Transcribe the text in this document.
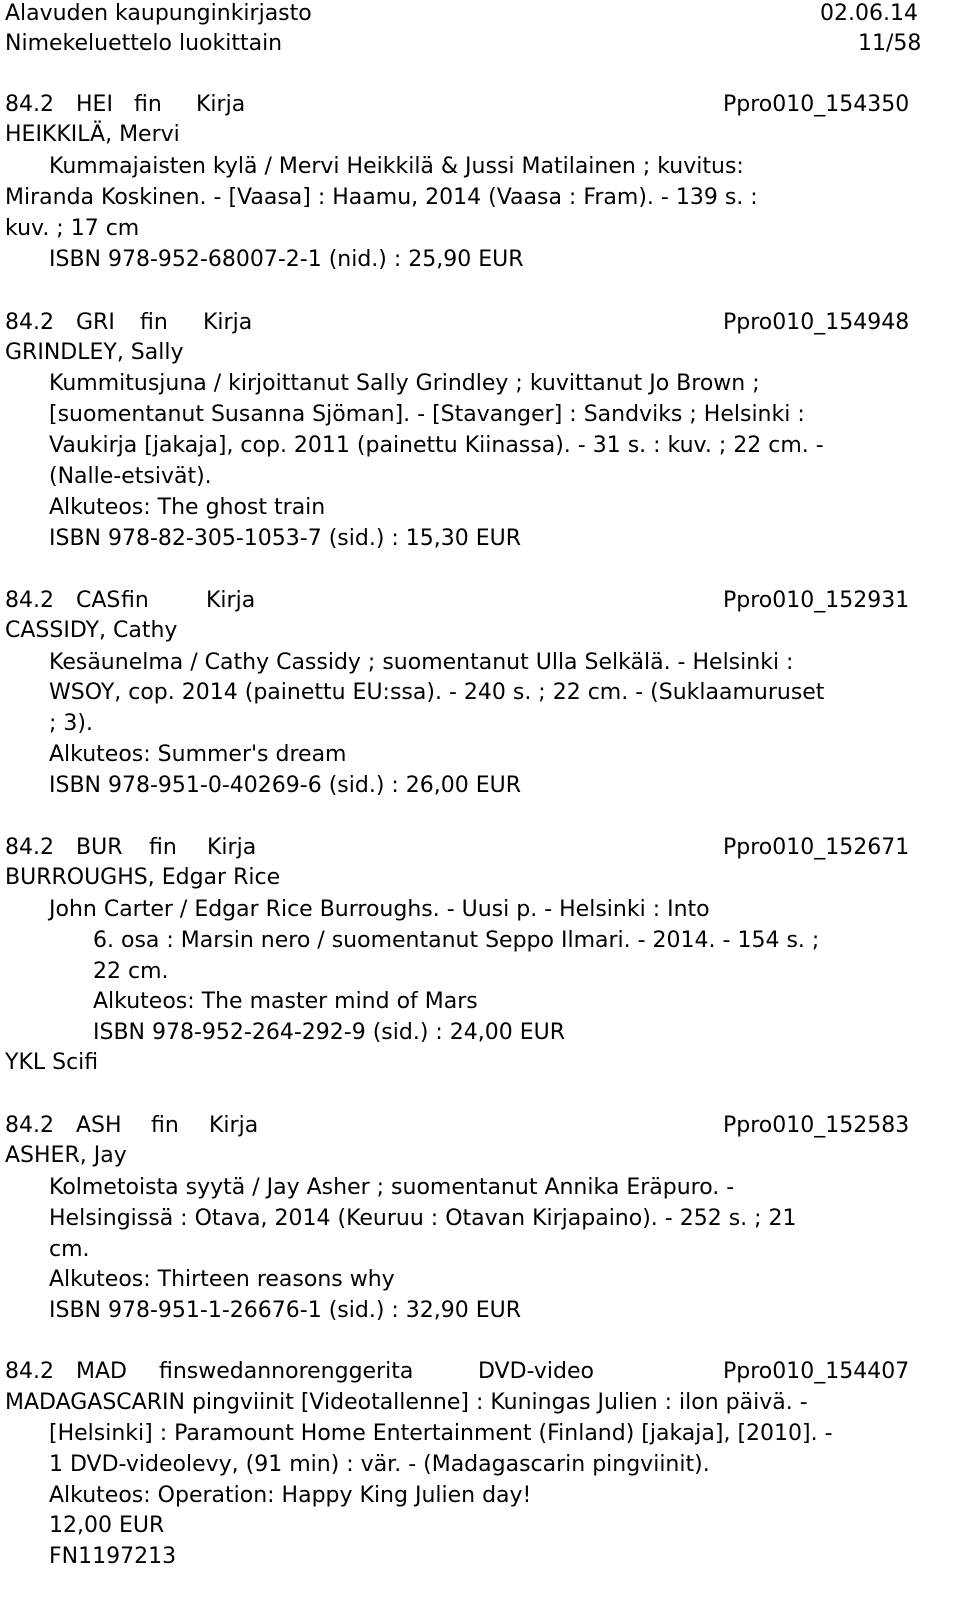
Alavuden kaupunginkirjasto	02.06.14
Nimekeluettelo luokittain	11/58
84.2 HEI fin Kirja	Ppro010_154350
HEIKKILÄ, Mervi
Kummajaisten kylä / Mervi Heikkilä & Jussi Matilainen ; kuvitus:
Miranda Koskinen. - [Vaasa] : Haamu, 2014 (Vaasa : Fram). - 139 s. :
kuv. ; 17 cm
ISBN 978-952-68007-2-1 (nid.) : 25,90 EUR
84.2 GRI fin Kirja	Ppro010_154948
GRINDLEY, Sally
Kummitusjuna / kirjoittanut Sally Grindley ; kuvittanut Jo Brown ;
[suomentanut Susanna Sjöman]. - [Stavanger] : Sandviks ; Helsinki :
Vaukirja [jakaja], cop. 2011 (painettu Kiinassa). - 31 s. : kuv. ; 22 cm. -
(Nalle-etsivät).
Alkuteos: The ghost train
ISBN 978-82-305-1053-7 (sid.) : 15,30 EUR
84.2 CAS fin	Kirja	Ppro010_152931
CASSIDY, Cathy
Kesäunelma / Cathy Cassidy ; suomentanut Ulla Selkälä. - Helsinki :
WSOY, cop. 2014 (painettu EU:ssa). - 240 s. ; 22 cm. - (Suklaamuruset
; 3).
Alkuteos: Summer's dream
ISBN 978-951-0-40269-6 (sid.) : 26,00 EUR
84.2 BUR fin Kirja	Ppro010_152671
BURROUGHS, Edgar Rice
John Carter / Edgar Rice Burroughs. - Uusi p. - Helsinki : Into
6. osa : Marsin nero / suomentanut Seppo Ilmari. - 2014. - 154 s. ;
22 cm.
Alkuteos: The master mind of Mars
ISBN 978-952-264-292-9 (sid.) : 24,00 EUR
YKL Scifi
84.2 ASH fin Kirja	Ppro010_152583
ASHER, Jay
Kolmetoista syytä / Jay Asher ; suomentanut Annika Eräpuro. -
Helsingissä : Otava, 2014 (Keuruu : Otavan Kirjapaino). - 252 s. ; 21
cm.
Alkuteos: Thirteen reasons why
ISBN 978-951-1-26676-1 (sid.) : 32,90 EUR
84.2 MAD finswedannorenggerita	DVD-video	Ppro010_154407
MADAGASCARIN pingviinit [Videotallenne] : Kuningas Julien : ilon päivä. -
[Helsinki] : Paramount Home Entertainment (Finland) [jakaja], [2010]. -
1 DVD-videolevy, (91 min) : vär. - (Madagascarin pingviinit).
Alkuteos: Operation: Happy King Julien day!
12,00 EUR
FN1197213
